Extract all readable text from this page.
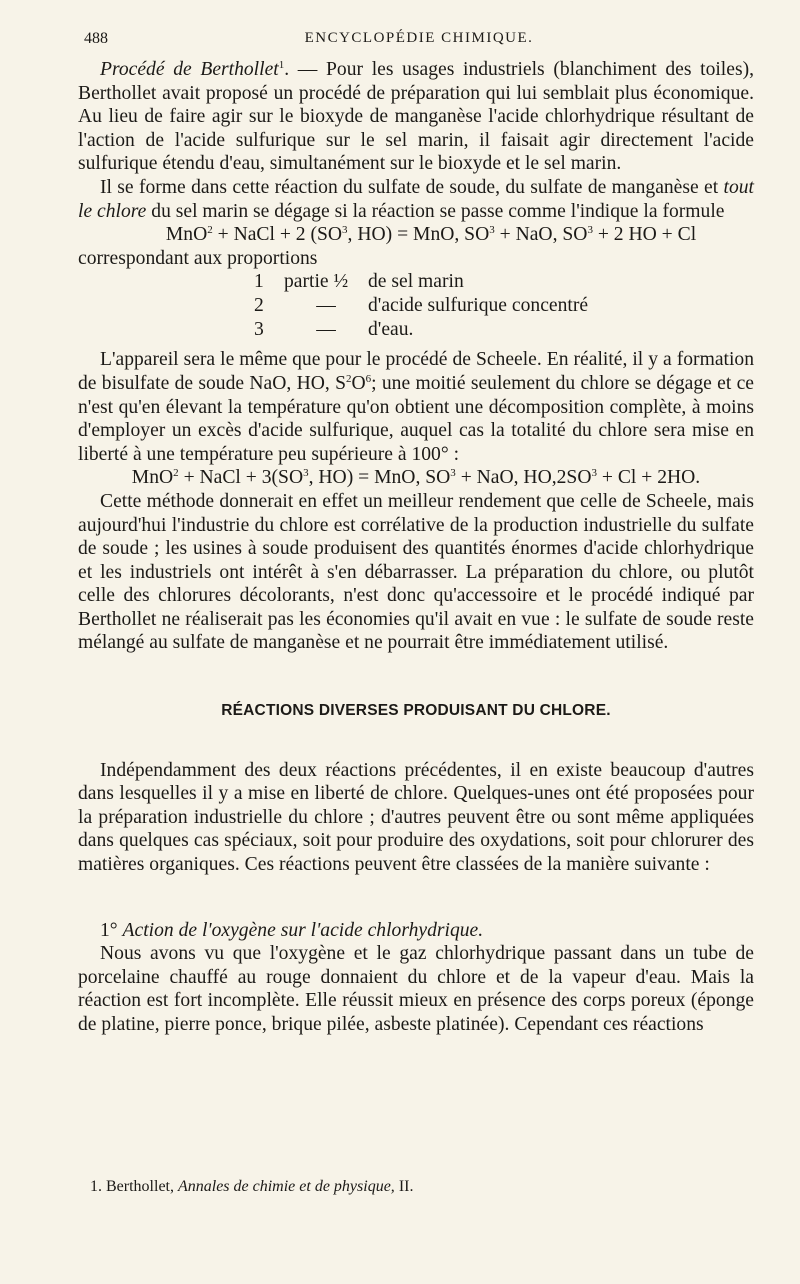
488	ENCYCLOPÉDIE CHIMIQUE.

Procédé de Berthollet$^1$. — Pour les usages industriels (blanchiment des toiles), Berthollet avait proposé un procédé de préparation qui lui semblait plus économique. Au lieu de faire agir sur le bioxyde de manganèse l'acide chlorhydrique résultant de l'action de l'acide sulfurique sur le sel marin, il faisait agir directement l'acide sulfurique étendu d'eau, simultanément sur le bioxyde et le sel marin.

Il se forme dans cette réaction du sulfate de soude, du sulfate de manganèse et tout le chlore du sel marin se dégage si la réaction se passe comme l'indique la formule

MnO$^2$ + NaCl + 2 ($SO^3$, HO) = MnO, $SO^3$ + NaO, $SO^3 + 2$ HO + Cl

correspondant aux proportions

1	partie ½	de sel marin
2	—	d'acide sulfurique concentré
3	—	d'eau.

L'appareil sera le même que pour le procédé de Scheele. En réalité, il y a formation de bisulfate de soude NaO, HO, $S^2O^6$; une moitié seulement du chlore se dégage et ce n'est qu'en élevant la température qu'on obtient une décomposition complète, à moins d'employer un excès d'acide sulfurique, auquel cas la totalité du chlore sera mise en liberté à une température peu supérieure à 100° :

MnO$^2$ + NaCl + $3(SO^3$, HO) = MnO, $SO^3$ + NaO, $HO,2SO^3 + Cl + 2HO$.

Cette méthode donnerait en effet un meilleur rendement que celle de Scheele, mais aujourd'hui l'industrie du chlore est corrélative de la production industrielle du sulfate de soude ; les usines à soude produisent des quantités énormes d'acide chlorhydrique et les industriels ont intérêt à s'en débarrasser. La préparation du chlore, ou plutôt celle des chlorures décolorants, n'est donc qu'accessoire et le procédé indiqué par Berthollet ne réaliserait pas les économies qu'il avait en vue : le sulfate de soude reste mélangé au sulfate de manganèse et ne pourrait être immédiatement utilisé.

RÉACTIONS DIVERSES PRODUISANT DU CHLORE.

Indépendamment des deux réactions précédentes, il en existe beaucoup d'autres dans lesquelles il y a mise en liberté de chlore. Quelques-unes ont été proposées pour la préparation industrielle du chlore ; d'autres peuvent être ou sont même appliquées dans quelques cas spéciaux, soit pour produire des oxydations, soit pour chlorurer des matières organiques. Ces réactions peuvent être classées de la manière suivante :

1° Action de l'oxygène sur l'acide chlorhydrique.

Nous avons vu que l'oxygène et le gaz chlorhydrique passant dans un tube de porcelaine chauffé au rouge donnaient du chlore et de la vapeur d'eau. Mais la réaction est fort incomplète. Elle réussit mieux en présence des corps poreux (éponge de platine, pierre ponce, brique pilée, asbeste platinée). Cependant ces réactions

1. Berthollet, Annales de chimie et de physique, II.
